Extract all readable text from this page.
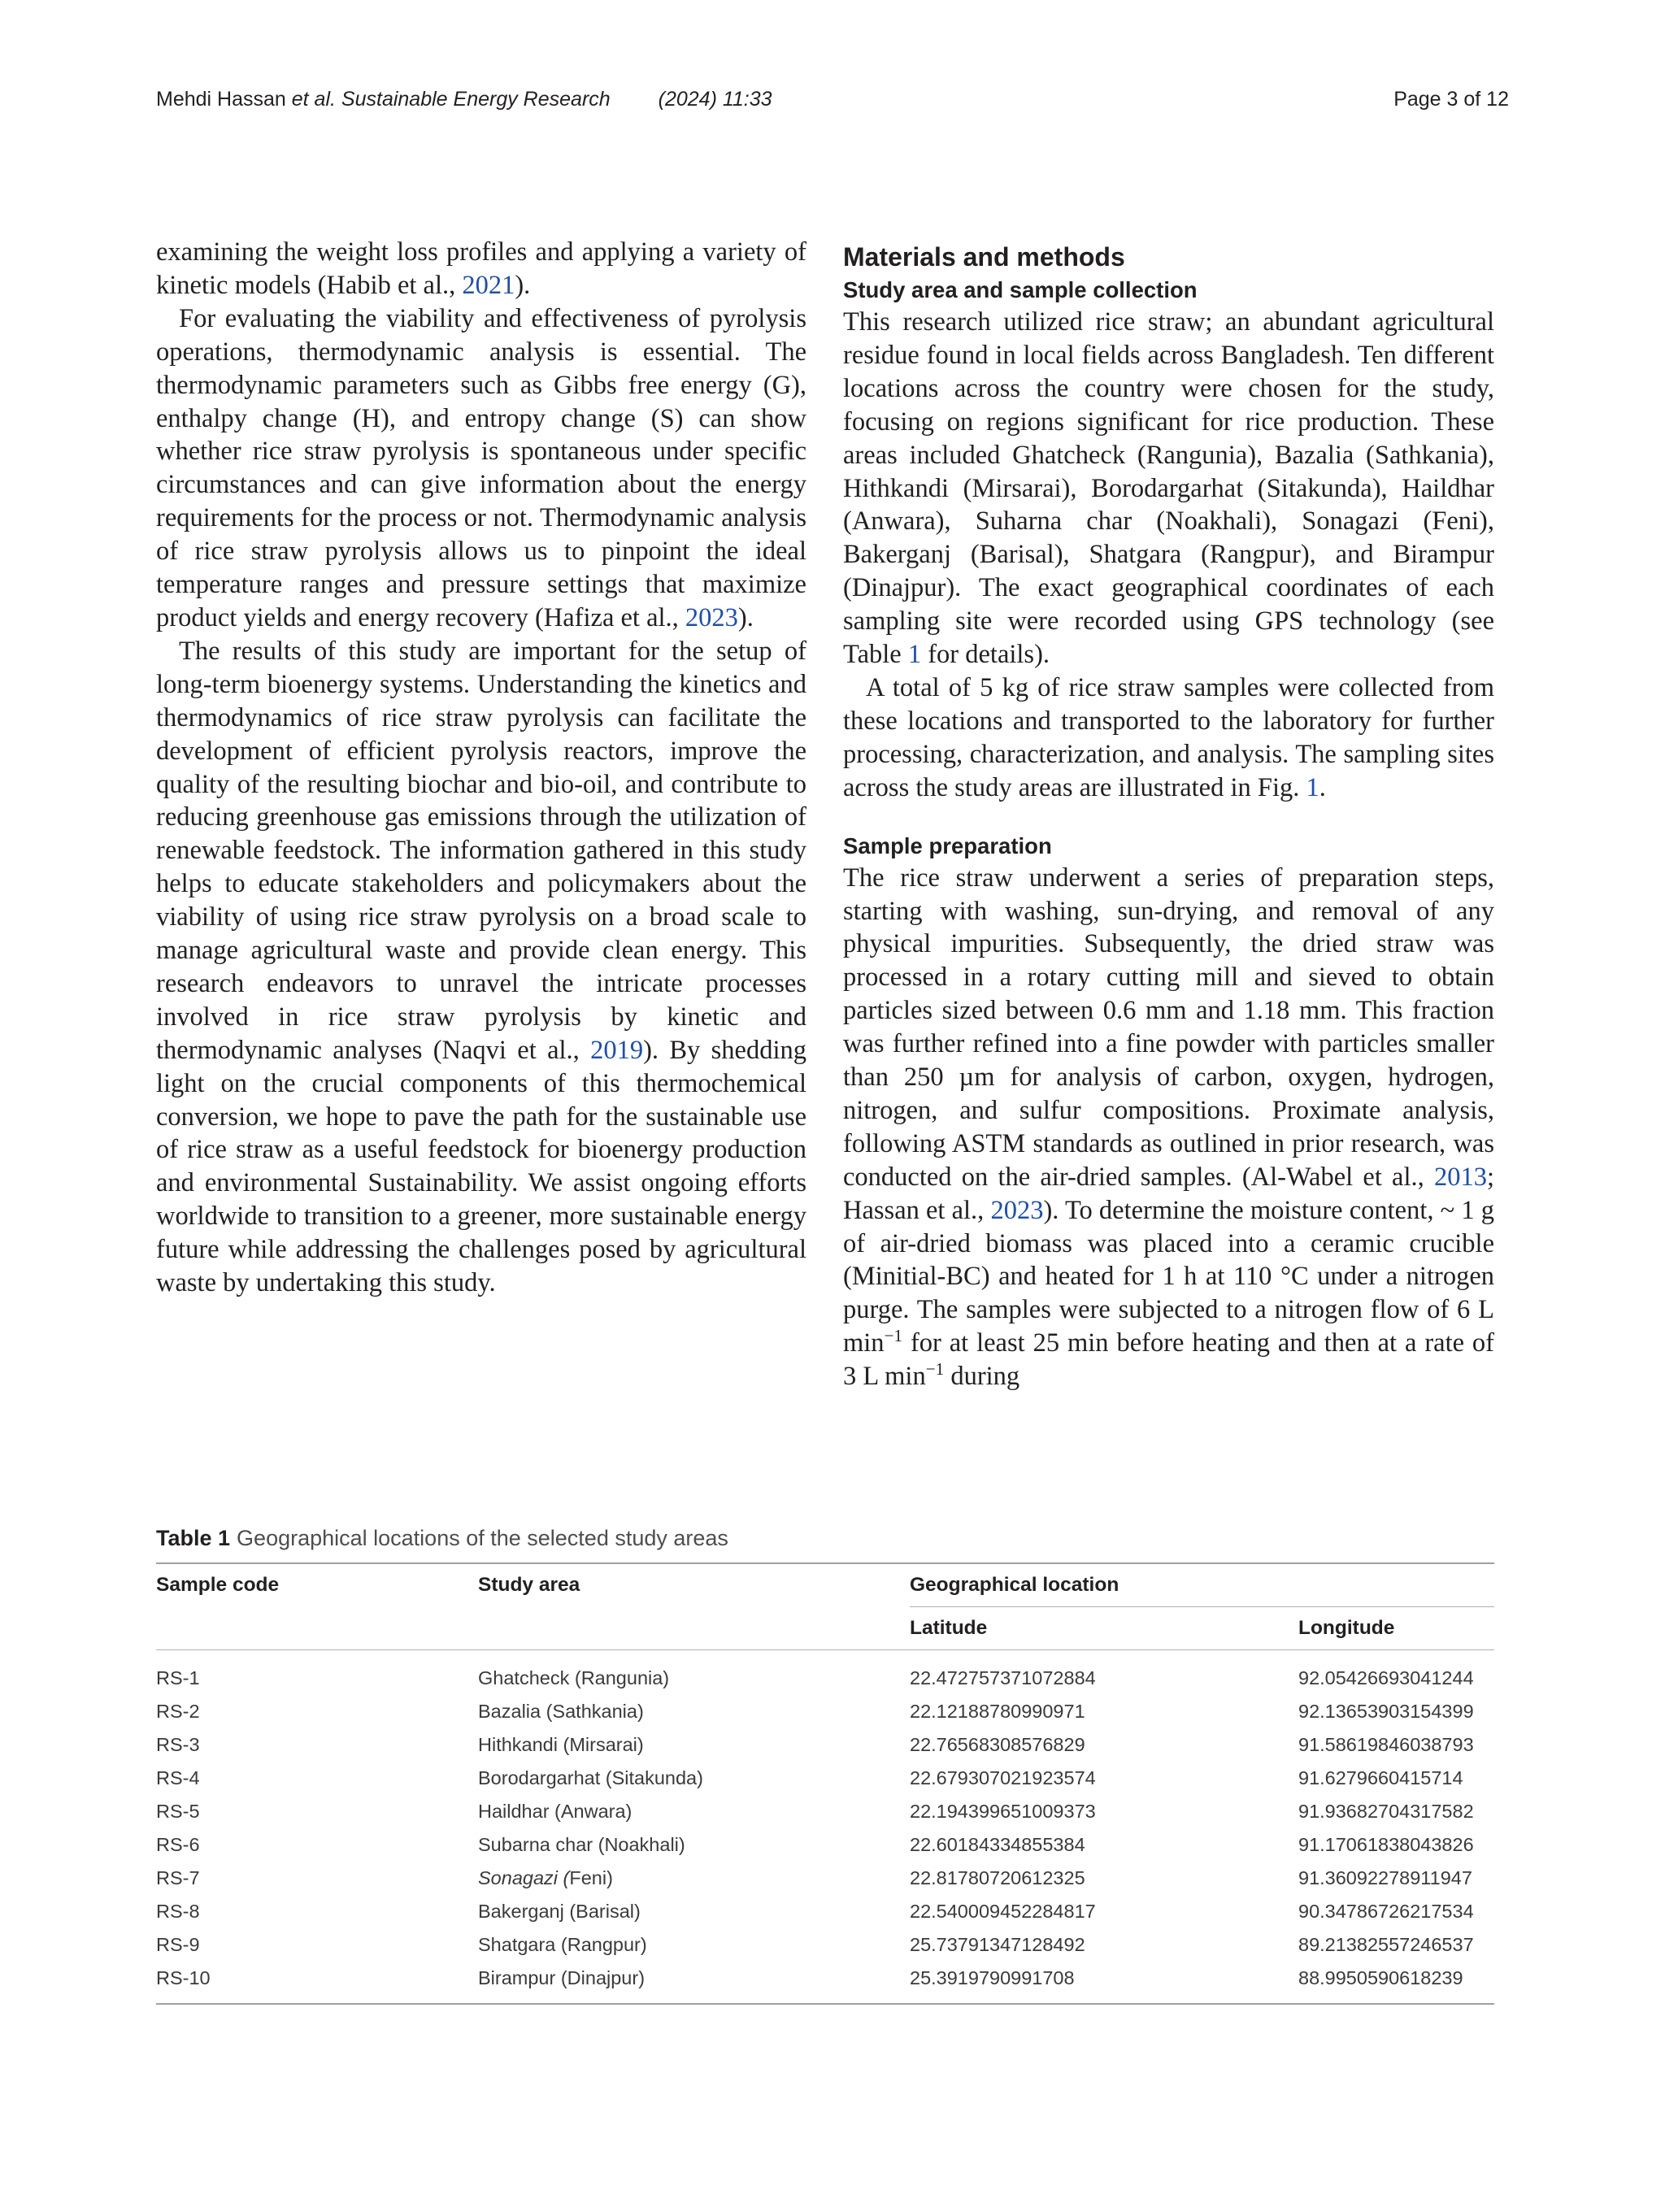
Mehdi Hassan et al. Sustainable Energy Research (2024) 11:33	Page 3 of 12

examining the weight loss profiles and applying a variety of kinetic models (Habib et al., 2021).

For evaluating the viability and effectiveness of pyrolysis operations, thermodynamic analysis is essential. The thermodynamic parameters such as Gibbs free energy (G), enthalpy change (H), and entropy change (S) can show whether rice straw pyrolysis is spontaneous under specific circumstances and can give information about the energy requirements for the process or not. Thermodynamic analysis of rice straw pyrolysis allows us to pinpoint the ideal temperature ranges and pressure settings that maximize product yields and energy recovery (Hafiza et al., 2023).

The results of this study are important for the setup of long-term bioenergy systems. Understanding the kinetics and thermodynamics of rice straw pyrolysis can facilitate the development of efficient pyrolysis reactors, improve the quality of the resulting biochar and bio-oil, and contribute to reducing greenhouse gas emissions through the utilization of renewable feedstock. The information gathered in this study helps to educate stakeholders and policymakers about the viability of using rice straw pyrolysis on a broad scale to manage agricultural waste and provide clean energy. This research endeavors to unravel the intricate processes involved in rice straw pyrolysis by kinetic and thermodynamic analyses (Naqvi et al., 2019). By shedding light on the crucial components of this thermochemical conversion, we hope to pave the path for the sustainable use of rice straw as a useful feedstock for bioenergy production and environmental Sustainability. We assist ongoing efforts worldwide to transition to a greener, more sustainable energy future while addressing the challenges posed by agricultural waste by undertaking this study.

Materials and methods
Study area and sample collection

This research utilized rice straw; an abundant agricultural residue found in local fields across Bangladesh. Ten different locations across the country were chosen for the study, focusing on regions significant for rice production. These areas included Ghatcheck (Rangunia), Bazalia (Sathkania), Hithkandi (Mirsarai), Borodargarhat (Sitakunda), Haildhar (Anwara), Suharna char (Noakhali), Sonagazi (Feni), Bakerganj (Barisal), Shatgara (Rangpur), and Birampur (Dinajpur). The exact geographical coordinates of each sampling site were recorded using GPS technology (see Table 1 for details).

A total of 5 kg of rice straw samples were collected from these locations and transported to the laboratory for further processing, characterization, and analysis. The sampling sites across the study areas are illustrated in Fig. 1.

Sample preparation

The rice straw underwent a series of preparation steps, starting with washing, sun-drying, and removal of any physical impurities. Subsequently, the dried straw was processed in a rotary cutting mill and sieved to obtain particles sized between 0.6 mm and 1.18 mm. This fraction was further refined into a fine powder with particles smaller than 250 µm for analysis of carbon, oxygen, hydrogen, nitrogen, and sulfur compositions. Proximate analysis, following ASTM standards as outlined in prior research, was conducted on the air-dried samples. (Al-Wabel et al., 2013; Hassan et al., 2023). To determine the moisture content, ~ 1 g of air-dried biomass was placed into a ceramic crucible (Minitial-BC) and heated for 1 h at 110 °C under a nitrogen purge. The samples were subjected to a nitrogen flow of 6 L $\min^{-1}$ for at least 25 min before heating and then at a rate of 3 L $\min^{-1}$ during

Table 1 Geographical locations of the selected study areas
Sample code	Study area	Geographical location	
		Latitude	Longitude
RS-1	Ghatcheck (Rangunia)	22.472757371072884	92.05426693041244
RS-2	Bazalia (Sathkania)	22.12188780990971	92.13653903154399
RS-3	Hithkandi (Mirsarai)	22.76568308576829	91.58619846038793
RS-4	Borodargarhat (Sitakunda)	22.679307021923574	91.6279660415714
RS-5	Haildhar (Anwara)	22.194399651009373	91.93682704317582
RS-6	Subarna char (Noakhali)	22.60184334855384	91.17061838043826
RS-7	Sonagazi (Feni)	22.81780720612325	91.36092278911947
RS-8	Bakerganj (Barisal)	22.540009452284817	90.34786726217534
RS-9	Shatgara (Rangpur)	25.73791347128492	89.21382557246537
RS-10	Birampur (Dinajpur)	25.3919790991708	88.9950590618239
